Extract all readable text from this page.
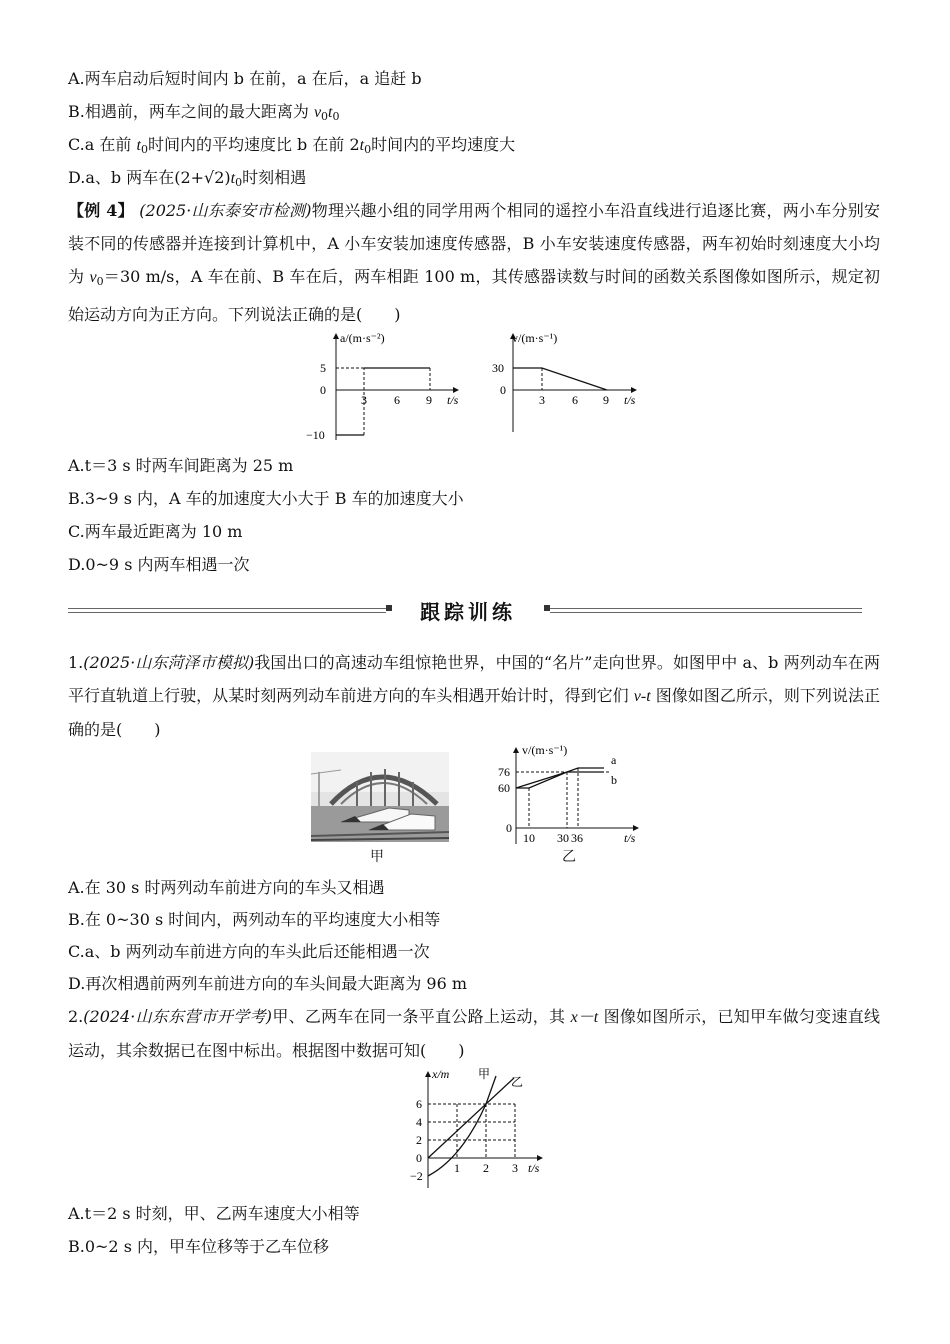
A.两车启动后短时间内 b 在前，a 在后，a 追赶 b
B.相遇前，两车之间的最大距离为 $v_0t_0$
C.a 在前 $t_0$时间内的平均速度比 b 在前 $2t_0$时间内的平均速度大
D.a、b 两车在$(2+√2)t_0$时刻相遇
【例 4】 (2025·山东泰安市检测)物理兴趣小组的同学用两个相同的遥控小车沿直线进行追逐比赛，两小车分别安装不同的传感器并连接到计算机中，A 小车安装加速度传感器，B 小车安装速度传感器，两车初始时刻速度大小均为 $v_0=30$ m/s，A 车在前、B 车在后，两车相距 100 m，其传感器读数与时间的函数关系图像如图所示，规定初始运动方向为正方向。下列说法正确的是(　　)
a/(m·s⁻²)
5
0
−10
3 6 9 t/s
v/(m·s⁻¹)
30
0
3 6 9 t/s
A.t＝3 s 时两车间距离为 25 m
B.3~9 s 内，A 车的加速度大小大于 B 车的加速度大小
C.两车最近距离为 10 m
D.0~9 s 内两车相遇一次
跟踪训练
1.(2025·山东菏泽市模拟)我国出口的高速动车组惊艳世界，中国的“名片”走向世界。如图甲中 a、b 两列动车在两平行直轨道上行驶，从某时刻两列动车前进方向的车头相遇开始计时，得到它们 v-t 图像如图乙所示，则下列说法正确的是(　　)
甲
v/(m·s⁻¹)
76
60
0
10 30 36	t/s
a
b
乙
A.在 30 s 时两列动车前进方向的车头又相遇
B.在 0~30 s 时间内，两列动车的平均速度大小相等
C.a、b 两列动车前进方向的车头此后还能相遇一次
D.再次相遇前两列车前进方向的车头间最大距离为 96 m
2.(2024·山东东营市开学考)甲、乙两车在同一条平直公路上运动，其 x－t 图像如图所示，已知甲车做匀变速直线运动，其余数据已在图中标出。根据图中数据可知(　　)
x/m 甲
乙
6
4
2
0
−2
1 2 3 t/s
A.t＝2 s 时刻，甲、乙两车速度大小相等
B.0~2 s 内，甲车位移等于乙车位移
